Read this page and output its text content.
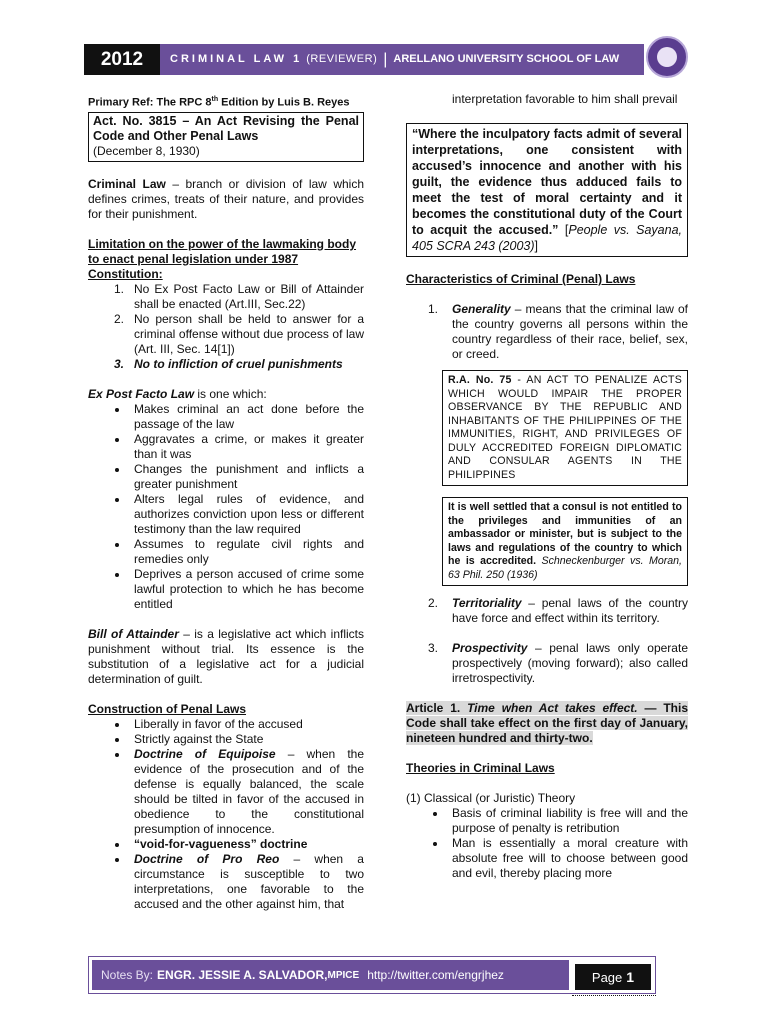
2012	CRIMINAL LAW 1 (REVIEWER) | ARELLANO UNIVERSITY SCHOOL OF LAW

Primary Ref: The RPC 8th Edition by Luis B. Reyes

Act. No. 3815 – An Act Revising the Penal Code and Other Penal Laws
(December 8, 1930)

Criminal Law – branch or division of law which defines crimes, treats of their nature, and provides for their punishment.

Limitation on the power of the lawmaking body to enact penal legislation under 1987 Constitution:

1. No Ex Post Facto Law or Bill of Attainder shall be enacted (Art.III, Sec.22)
2. No person shall be held to answer for a criminal offense without due process of law (Art. III, Sec. 14[1])
3. No to infliction of cruel punishments

Ex Post Facto Law is one which:

Makes criminal an act done before the passage of the law
Aggravates a crime, or makes it greater than it was
Changes the punishment and inflicts a greater punishment
Alters legal rules of evidence, and authorizes conviction upon less or different testimony than the law required
Assumes to regulate civil rights and remedies only
Deprives a person accused of crime some lawful protection to which he has become entitled

Bill of Attainder – is a legislative act which inflicts punishment without trial. Its essence is the substitution of a legislative act for a judicial determination of guilt.

Construction of Penal Laws

Liberally in favor of the accused
Strictly against the State
Doctrine of Equipoise – when the evidence of the prosecution and of the defense is equally balanced, the scale should be tilted in favor of the accused in obedience to the constitutional presumption of innocence.
“void-for-vagueness” doctrine
Doctrine of Pro Reo – when a circumstance is susceptible to two interpretations, one favorable to the accused and the other against him, that

interpretation favorable to him shall prevail

“Where the inculpatory facts admit of several interpretations, one consistent with accused’s innocence and another with his guilt, the evidence thus adduced fails to meet the test of moral certainty and it becomes the constitutional duty of the Court to acquit the accused.” [People vs. Sayana, 405 SCRA 243 (2003)]

Characteristics of Criminal (Penal) Laws

1. Generality – means that the criminal law of the country governs all persons within the country regardless of their race, belief, sex, or creed.
R.A. No. 75 - AN ACT TO PENALIZE ACTS WHICH WOULD IMPAIR THE PROPER OBSERVANCE BY THE REPUBLIC AND INHABITANTS OF THE PHILIPPINES OF THE IMMUNITIES, RIGHT, AND PRIVILEGES OF DULY ACCREDITED FOREIGN DIPLOMATIC AND CONSULAR AGENTS IN THE PHILIPPINES
It is well settled that a consul is not entitled to the privileges and immunities of an ambassador or minister, but is subject to the laws and regulations of the country to which he is accredited. Schneckenburger vs. Moran, 63 Phil. 250 (1936)
2. Territoriality – penal laws of the country have force and effect within its territory.
3. Prospectivity – penal laws only operate prospectively (moving forward); also called irretrospectivity.

Article 1. Time when Act takes effect. — This Code shall take effect on the first day of January, nineteen hundred and thirty-two.

Theories in Criminal Laws

(1) Classical (or Juristic) Theory

Basis of criminal liability is free will and the purpose of penalty is retribution
Man is essentially a moral creature with absolute free will to choose between good and evil, thereby placing more
Notes By: ENGR. JESSIE A. SALVADOR, MPICE http://twitter.com/engrjhez	Page 1
